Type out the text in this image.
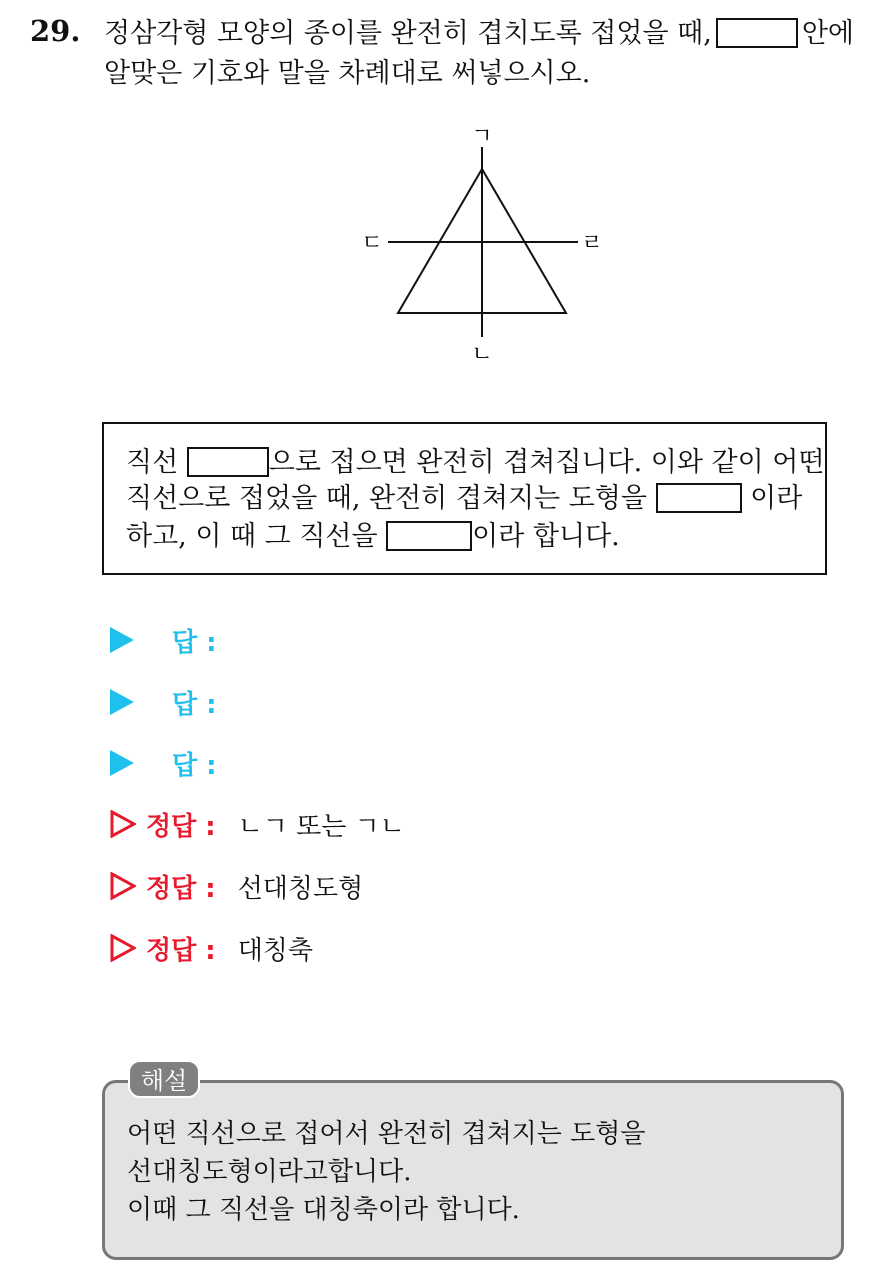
29. 정삼각형 모양의 종이를 완전히 겹치도록 접었을 때,	안에
알맞은 기호와 말을 차례대로 써넣으시오.
ㄱ
ㄴ
ㄷ	ㄹ
직선	으로 접으면 완전히 겹쳐집니다. 이와 같이 어떤
직선으로 접었을 때, 완전히 겹쳐지는 도형을	이라
하고, 이 때 그 직선을	이라 합니다.
답 :
답 :
답 :
정답 : ㄴㄱ 또는 ㄱㄴ
정답 : 선대칭도형
정답 : 대칭축
어떤 직선으로 접어서 완전히 겹쳐지는 도형을
선대칭도형이라고합니다.
이때 그 직선을 대칭축이라 합니다.
해설
